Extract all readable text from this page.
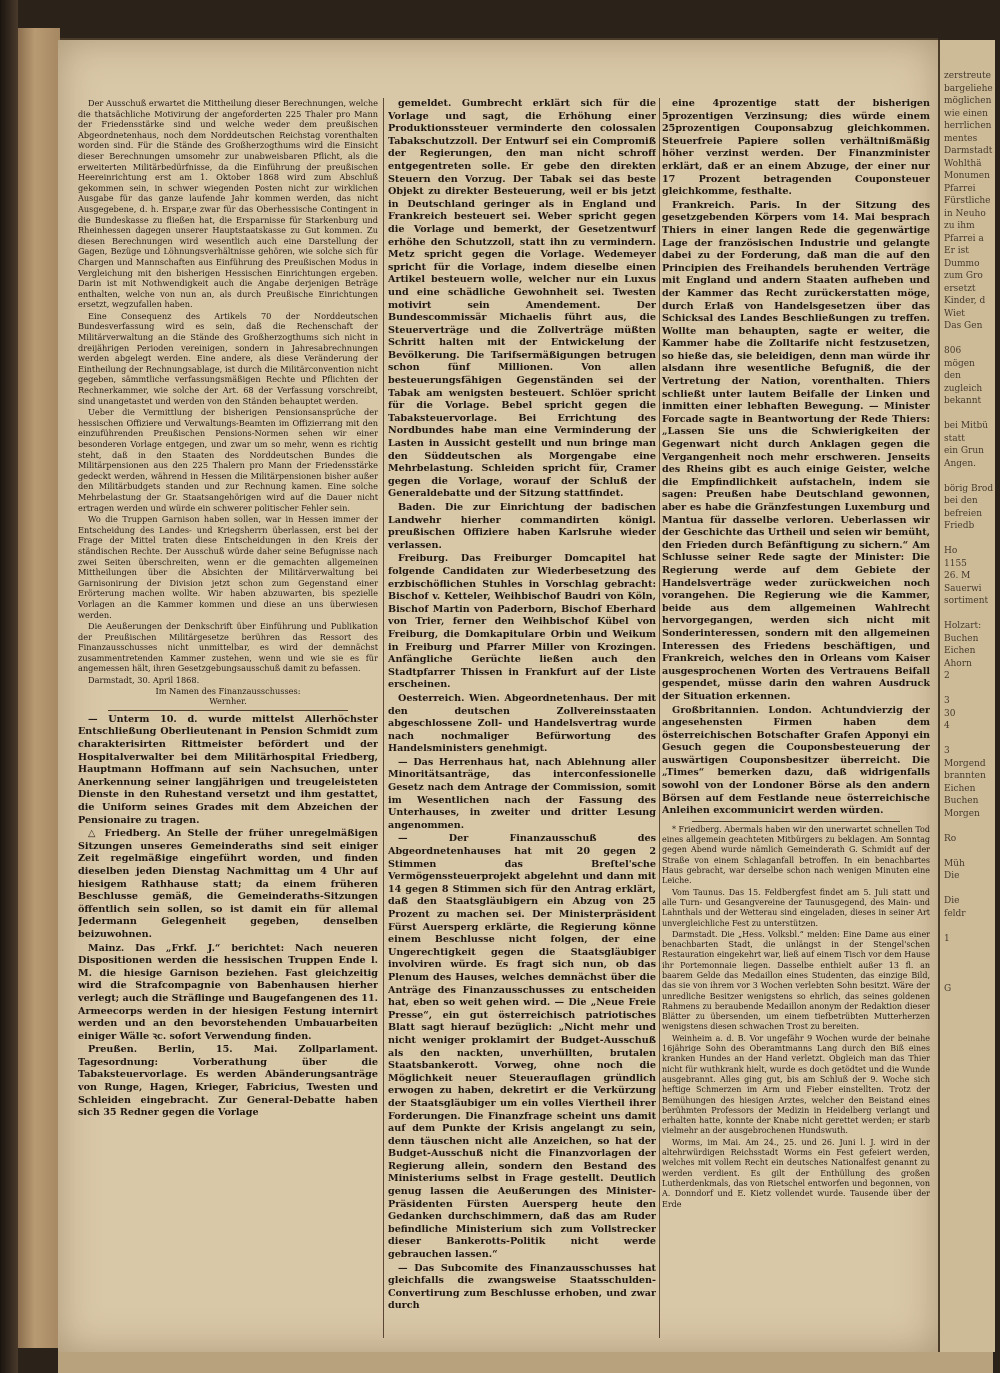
zerstreute
bargeliehe
möglichen
wie einen
herrlichen
mentes
Darmstadt
Wohlthä
Monumen
Pfarrei
Fürstliche
in Neuho
zu ihm
Pfarrei a
Er ist
Dummo
zum Gro
ersetzt
Kinder, d
Wiet
Das Gen

806
mögen
den
zugleich
bekannt

bei Mitbü
statt
ein Grun
Angen.

börig Brod
bei den
befreien
Friedb

Ho
1155
26. M
Sauerwi
sortiment

Holzart:
Buchen
Eichen
Ahorn
2

3
30
4

3
Morgend
brannten
Eichen
Buchen
Morgen

Ro

Müh
Die

Die
feldr

1

G

Der Ausschuß erwartet die Mittheilung dieser Berechnungen, welche die thatsächliche Motivirung der angeforderten 225 Thaler pro Mann der Friedensstärke sind und welche weder dem preußischen Abgeordnetenhaus, noch dem Norddeutschen Reichstag vorenthalten worden sind. Für die Stände des Großherzogthums wird die Einsicht dieser Berechnungen umsomehr zur unabweisbaren Pflicht, als die erweiterten Militärbedürfnisse, da die Einführung der preußischen Heereinrichtung erst am 1. Oktober 1868 wird zum Abschluß gekommen sein, in schwer wiegenden Posten nicht zur wirklichen Ausgabe für das ganze laufende Jahr kommen werden, das nicht Ausgegebene, d. h. Erspar,e zwar für das Oberhessische Contingent in die Bundeskasse zu fließen hat, die Ersparnisse für Starkenburg und Rheinhessen dagegen unserer Hauptstaatskasse zu Gut kommen. Zu diesen Berechnungen wird wesentlich auch eine Darstellung der Gagen, Bezüge und Löhnungsverhältnisse gehören, wie solche sich für Chargen und Mannschaften aus Einführung des Preußischen Modus in Vergleichung mit den bisherigen Hessischen Einrichtungen ergeben. Darin ist mit Nothwendigkeit auch die Angabe derjenigen Beträge enthalten, welche von nun an, als durch Preußische Einrichtungen ersetzt, wegzufallen haben.

Eine Consequenz des Artikels 70 der Norddeutschen Bundesverfassung wird es sein, daß die Rechenschaft der Militärverwaltung an die Stände des Großherzogthums sich nicht in dreijährigen Perioden vereinigen, sondern in Jahresabrechnungen werden abgelegt werden. Eine andere, als diese Veränderung der Eintheilung der Rechnungsablage, ist durch die Militärconvention nicht gegeben, sämmtliche verfassungsmäßigen Rechte und Pflichten der Rechnerkammer, wie solche der Art. 68 der Verfassung vorschreibt, sind unangetastet und werden von den Ständen behauptet werden.

Ueber die Vermittlung der bisherigen Pensionsansprüche der hessischen Offiziere und Verwaltungs-Beamten im Offizierrang mit den einzuführenden Preußischen Pensions-Normen sehen wir einer besonderen Vorlage entgegen, und zwar um so mehr, wenn es richtig steht, daß in den Staaten des Norddeutschen Bundes die Militärpensionen aus den 225 Thalern pro Mann der Friedensstärke gedeckt werden, während in Hessen die Militärpensionen bisher außer den Militärbudgets standen und zur Rechnung kamen. Eine solche Mehrbelastung der Gr. Staatsangehörigen wird auf die Dauer nicht ertragen werden und würde ein schwerer politischer Fehler sein.

Wo die Truppen Garnison haben sollen, war in Hessen immer der Entscheidung des Landes- und Kriegsherrn überlassen, erst bei der Frage der Mittel traten diese Entscheidungen in den Kreis der ständischen Rechte. Der Ausschuß würde daher seine Befugnisse nach zwei Seiten überschreiten, wenn er die gemachten allgemeinen Mittheilungen über die Absichten der Militärverwaltung bei Garnisonirung der Division jetzt schon zum Gegenstand einer Erörterung machen wollte. Wir haben abzuwarten, bis spezielle Vorlagen an die Kammer kommen und diese an uns überwiesen werden.

Die Aeußerungen der Denkschrift über Einführung und Publikation der Preußischen Militärgesetze berühren das Ressort des Finanzausschusses nicht unmittelbar, es wird der demnächst zusammentretenden Kammer zustehen, wenn und wie sie es für angemessen hält, ihren Gesetzgebungsausschuß damit zu befassen.

Darmstadt, 30. April 1868.

Im Namen des Finanzausschusses:

Wernher.

— Unterm 10. d. wurde mittelst Allerhöchster Entschließung Oberlieutenant in Pension Schmidt zum charakterisirten Rittmeister befördert und der Hospitalverwalter bei dem Militärhospital Friedberg, Hauptmann Hoffmann auf sein Nachsuchen, unter Anerkennung seiner langjährigen und treugeleisteten Dienste in den Ruhestand versetzt und ihm gestattet, die Uniform seines Grades mit dem Abzeichen der Pensionaire zu tragen.

△ Friedberg. An Stelle der früher unregelmäßigen Sitzungen unseres Gemeinderaths sind seit einiger Zeit regelmäßige eingeführt worden, und finden dieselben jeden Dienstag Nachmittag um 4 Uhr auf hiesigem Rathhause statt; da einem früheren Beschlusse gemäß, die Gemeinderaths-Sitzungen öffentlich sein sollen, so ist damit ein für allemal Jedermann Gelegenheit gegeben, denselben beizuwohnen.

Mainz. Das „Frkf. J.“ berichtet: Nach neueren Dispositionen werden die hessischen Truppen Ende l. M. die hiesige Garnison beziehen. Fast gleichzeitig wird die Strafcompagnie von Babenhausen hierher verlegt; auch die Sträflinge und Baugefangenen des 11. Armeecorps werden in der hiesigen Festung internirt werden und an den bevorstehenden Umbauarbeiten einiger Wälle ꝛc. sofort Verwendung finden.

Preußen. Berlin, 15. Mai. Zollparlament. Tagesordnung: Vorberathung über die Tabaksteuervorlage. Es werden Abänderungsanträge von Runge, Hagen, Krieger, Fabricius, Twesten und Schleiden eingebracht. Zur General-Debatte haben sich 35 Redner gegen die Vorlage

gemeldet. Gumbrecht erklärt sich für die Vorlage und sagt, die Erhöhung einer Produktionssteuer verminderte den colossalen Tabakschutzzoll. Der Entwurf sei ein Compromiß der Regierungen, den man nicht schroff entgegentreten solle. Er gebe den direkten Steuern den Vorzug. Der Tabak sei das beste Objekt zu direkter Besteuerung, weil er bis jetzt in Deutschland geringer als in England und Frankreich besteuert sei. Weber spricht gegen die Vorlage und bemerkt, der Gesetzentwurf erhöhe den Schutzzoll, statt ihn zu vermindern. Metz spricht gegen die Vorlage. Wedemeyer spricht für die Vorlage, indem dieselbe einen Artikel besteuern wolle, welcher nur ein Luxus und eine schädliche Gewohnheit sei. Twesten motivirt sein Amendement. Der Bundescommissär Michaelis führt aus, die Steuerverträge und die Zollverträge müßten Schritt halten mit der Entwickelung der Bevölkerung. Die Tarifsermäßigungen betrugen schon fünf Millionen. Von allen besteuerungsfähigen Gegenständen sei der Tabak am wenigsten besteuert. Schlöer spricht für die Vorlage. Bebel spricht gegen die Tabaksteuervorlage. Bei Errichtung des Nordbundes habe man eine Verminderung der Lasten in Aussicht gestellt und nun bringe man den Süddeutschen als Morgengabe eine Mehrbelastung. Schleiden spricht für, Cramer gegen die Vorlage, worauf der Schluß der Generaldebatte und der Sitzung stattfindet.

Baden. Die zur Einrichtung der badischen Landwehr hierher commandirten königl. preußischen Offiziere haben Karlsruhe wieder verlassen.

Freiburg. Das Freiburger Domcapitel hat folgende Candidaten zur Wiederbesetzung des erzbischöflichen Stuhles in Vorschlag gebracht: Bischof v. Ketteler, Weihbischof Baudri von Köln, Bischof Martin von Paderborn, Bischof Eberhard von Trier, ferner den Weihbischof Kübel von Freiburg, die Domkapitulare Orbin und Weikum in Freiburg und Pfarrer Miller von Krozingen. Anfängliche Gerüchte ließen auch den Stadtpfarrer Thissen in Frankfurt auf der Liste erscheinen.

Oesterreich. Wien. Abgeordnetenhaus. Der mit den deutschen Zollvereinsstaaten abgeschlossene Zoll- und Handelsvertrag wurde nach nochmaliger Befürwortung des Handelsministers genehmigt.

— Das Herrenhaus hat, nach Ablehnung aller Minoritätsanträge, das interconfessionelle Gesetz nach dem Antrage der Commission, somit im Wesentlichen nach der Fassung des Unterhauses, in zweiter und dritter Lesung angenommen.

— Der Finanzausschuß des Abgeordnetenhauses hat mit 20 gegen 2 Stimmen das Breſtel'sche Vermögenssteuerprojekt abgelehnt und dann mit 14 gegen 8 Stimmen sich für den Antrag erklärt, daß den Staatsgläubigern ein Abzug von 25 Prozent zu machen sei. Der Ministerpräsident Fürst Auersperg erklärte, die Regierung könne einem Beschlusse nicht folgen, der eine Ungerechtigkeit gegen die Staatsgläubiger involviren würde. Es fragt sich nun, ob das Plenum des Hauses, welches demnächst über die Anträge des Finanzausschusses zu entscheiden hat, eben so weit gehen wird. — Die „Neue Freie Presse“, ein gut österreichisch patriotisches Blatt sagt hierauf bezüglich: „Nicht mehr und nicht weniger proklamirt der Budget-Ausschuß als den nackten, unverhüllten, brutalen Staatsbankerott. Vorweg, ohne noch die Möglichkeit neuer Steuerauflagen gründlich erwogen zu haben, dekretirt er die Verkürzung der Staatsgläubiger um ein volles Viertheil ihrer Forderungen. Die Finanzfrage scheint uns damit auf dem Punkte der Krisis angelangt zu sein, denn täuschen nicht alle Anzeichen, so hat der Budget-Ausschuß nicht die Finanzvorlagen der Regierung allein, sondern den Bestand des Ministeriums selbst in Frage gestellt. Deutlich genug lassen die Aeußerungen des Minister-Präsidenten Fürsten Auersperg heute den Gedanken durchschimmern, daß das am Ruder befindliche Ministerium sich zum Vollstrecker dieser Bankerotts-Politik nicht werde gebrauchen lassen.“

— Das Subcomite des Finanzausschusses hat gleichfalls die zwangsweise Staatsschulden-Convertirung zum Beschlusse erhoben, und zwar durch

eine 4prozentige statt der bisherigen 5prozentigen Verzinsung; dies würde einem 25prozentigen Couponsabzug gleichkommen. Steuerfreie Papiere sollen verhältnißmäßig höher verzinst werden. Der Finanzminister erklärt, daß er an einem Abzuge, der einer nur 17 Prozent betragenden Couponsteuer gleichkomme, festhalte.

Frankreich. Paris. In der Sitzung des gesetzgebenden Körpers vom 14. Mai besprach Thiers in einer langen Rede die gegenwärtige Lage der französischen Industrie und gelangte dabei zu der Forderung, daß man die auf den Principien des Freihandels beruhenden Verträge mit England und andern Staaten aufheben und der Kammer das Recht zurückerstatten möge, durch Erlaß von Handelsgesetzen über das Schicksal des Landes Beschließungen zu treffen. Wollte man behaupten, sagte er weiter, die Kammer habe die Zolltarife nicht festzusetzen, so hieße das, sie beleidigen, denn man würde ihr alsdann ihre wesentliche Befugniß, die der Vertretung der Nation, vorenthalten. Thiers schließt unter lautem Beifalle der Linken und inmitten einer lebhaften Bewegung. — Minister Forcade sagte in Beantwortung der Rede Thiers: „Lassen Sie uns die Schwierigkeiten der Gegenwart nicht durch Anklagen gegen die Vergangenheit noch mehr erschweren. Jenseits des Rheins gibt es auch einige Geister, welche die Empfindlichkeit aufstacheln, indem sie sagen: Preußen habe Deutschland gewonnen, aber es habe die Gränzfestungen Luxemburg und Mantua für dasselbe verloren. Ueberlassen wir der Geschichte das Urtheil und seien wir bemüht, den Frieden durch Befänftigung zu sichern.“ Am Schlusse seiner Rede sagte der Minister: Die Regierung werde auf dem Gebiete der Handelsverträge weder zurückweichen noch vorangehen. Die Regierung wie die Kammer, beide aus dem allgemeinen Wahlrecht hervorgegangen, werden sich nicht mit Sonderinteressen, sondern mit den allgemeinen Interessen des Friedens beschäftigen, und Frankreich, welches den in Orleans vom Kaiser ausgesprochenen Worten des Vertrauens Beifall gespendet, müsse darin den wahren Ausdruck der Situation erkennen.

Großbritannien. London. Achtundvierzig der angesehensten Firmen haben dem österreichischen Botschafter Grafen Apponyi ein Gesuch gegen die Couponsbesteuerung der auswärtigen Couponsbesitzer überreicht. Die „Times“ bemerken dazu, daß widrigenfalls sowohl von der Londoner Börse als den andern Börsen auf dem Festlande neue österreichische Anleihen excommunicirt werden würden.

* Friedberg. Abermals haben wir den unerwartet schnellen Tod eines allgemein geachteten Mitbürgers zu beklagen. Am Sonntag gegen Abend wurde nämlich Gemeinderath G. Schmidt auf der Straße von einem Schlaganfall betroffen. In ein benachbartes Haus gebracht, war derselbe schon nach wenigen Minuten eine Leiche.

Vom Taunus. Das 15. Feldbergfest findet am 5. Juli statt und alle Turn- und Gesangvereine der Taunusgegend, des Main- und Lahnthals und der Wetterau sind eingeladen, dieses in seiner Art unvergleichliche Fest zu unterstützen.

Darmstadt. Die „Hess. Volksbl.“ melden: Eine Dame aus einer benachbarten Stadt, die unlängst in der Stengel'schen Restauration eingekehrt war, ließ auf einem Tisch vor dem Hause ihr Portemonnaie liegen. Dasselbe enthielt außer 13 fl. an baarem Gelde das Medaillon eines Studenten, das einzige Bild, das sie von ihrem vor 3 Wochen verlebten Sohn besitzt. Wäre der unredliche Besitzer wenigstens so ehrlich, das seines goldenen Rahmens zu beraubende Medaillon anonym der Redaktion dieser Blätter zu übersenden, um einem tiefbetrübten Mutterherzen wenigstens diesen schwachen Trost zu bereiten.

Weinheim a. d. B. Vor ungefähr 9 Wochen wurde der beinahe 16jährige Sohn des Oberamtmanns Lang durch den Biß eines kranken Hundes an der Hand verletzt. Obgleich man das Thier nicht für wuthkrank hielt, wurde es doch getödtet und die Wunde ausgebrannt. Alles ging gut, bis am Schluß der 9. Woche sich heftige Schmerzen im Arm und Fieber einstellten. Trotz der Bemühungen des hiesigen Arztes, welcher den Beistand eines berühmten Professors der Medizin in Heidelberg verlangt und erhalten hatte, konnte der Knabe nicht gerettet werden; er starb vielmehr an der ausgebrochenen Hundswuth.

Worms, im Mai. Am 24., 25. und 26. Juni l. J. wird in der altehrwürdigen Reichsstadt Worms ein Fest gefeiert werden, welches mit vollem Recht ein deutsches Nationalfest genannt zu werden verdient. Es gilt der Enthüllung des großen Lutherdenkmals, das von Rietschel entworfen und begonnen, von A. Donndorf und E. Kietz vollendet wurde. Tausende über der Erde
